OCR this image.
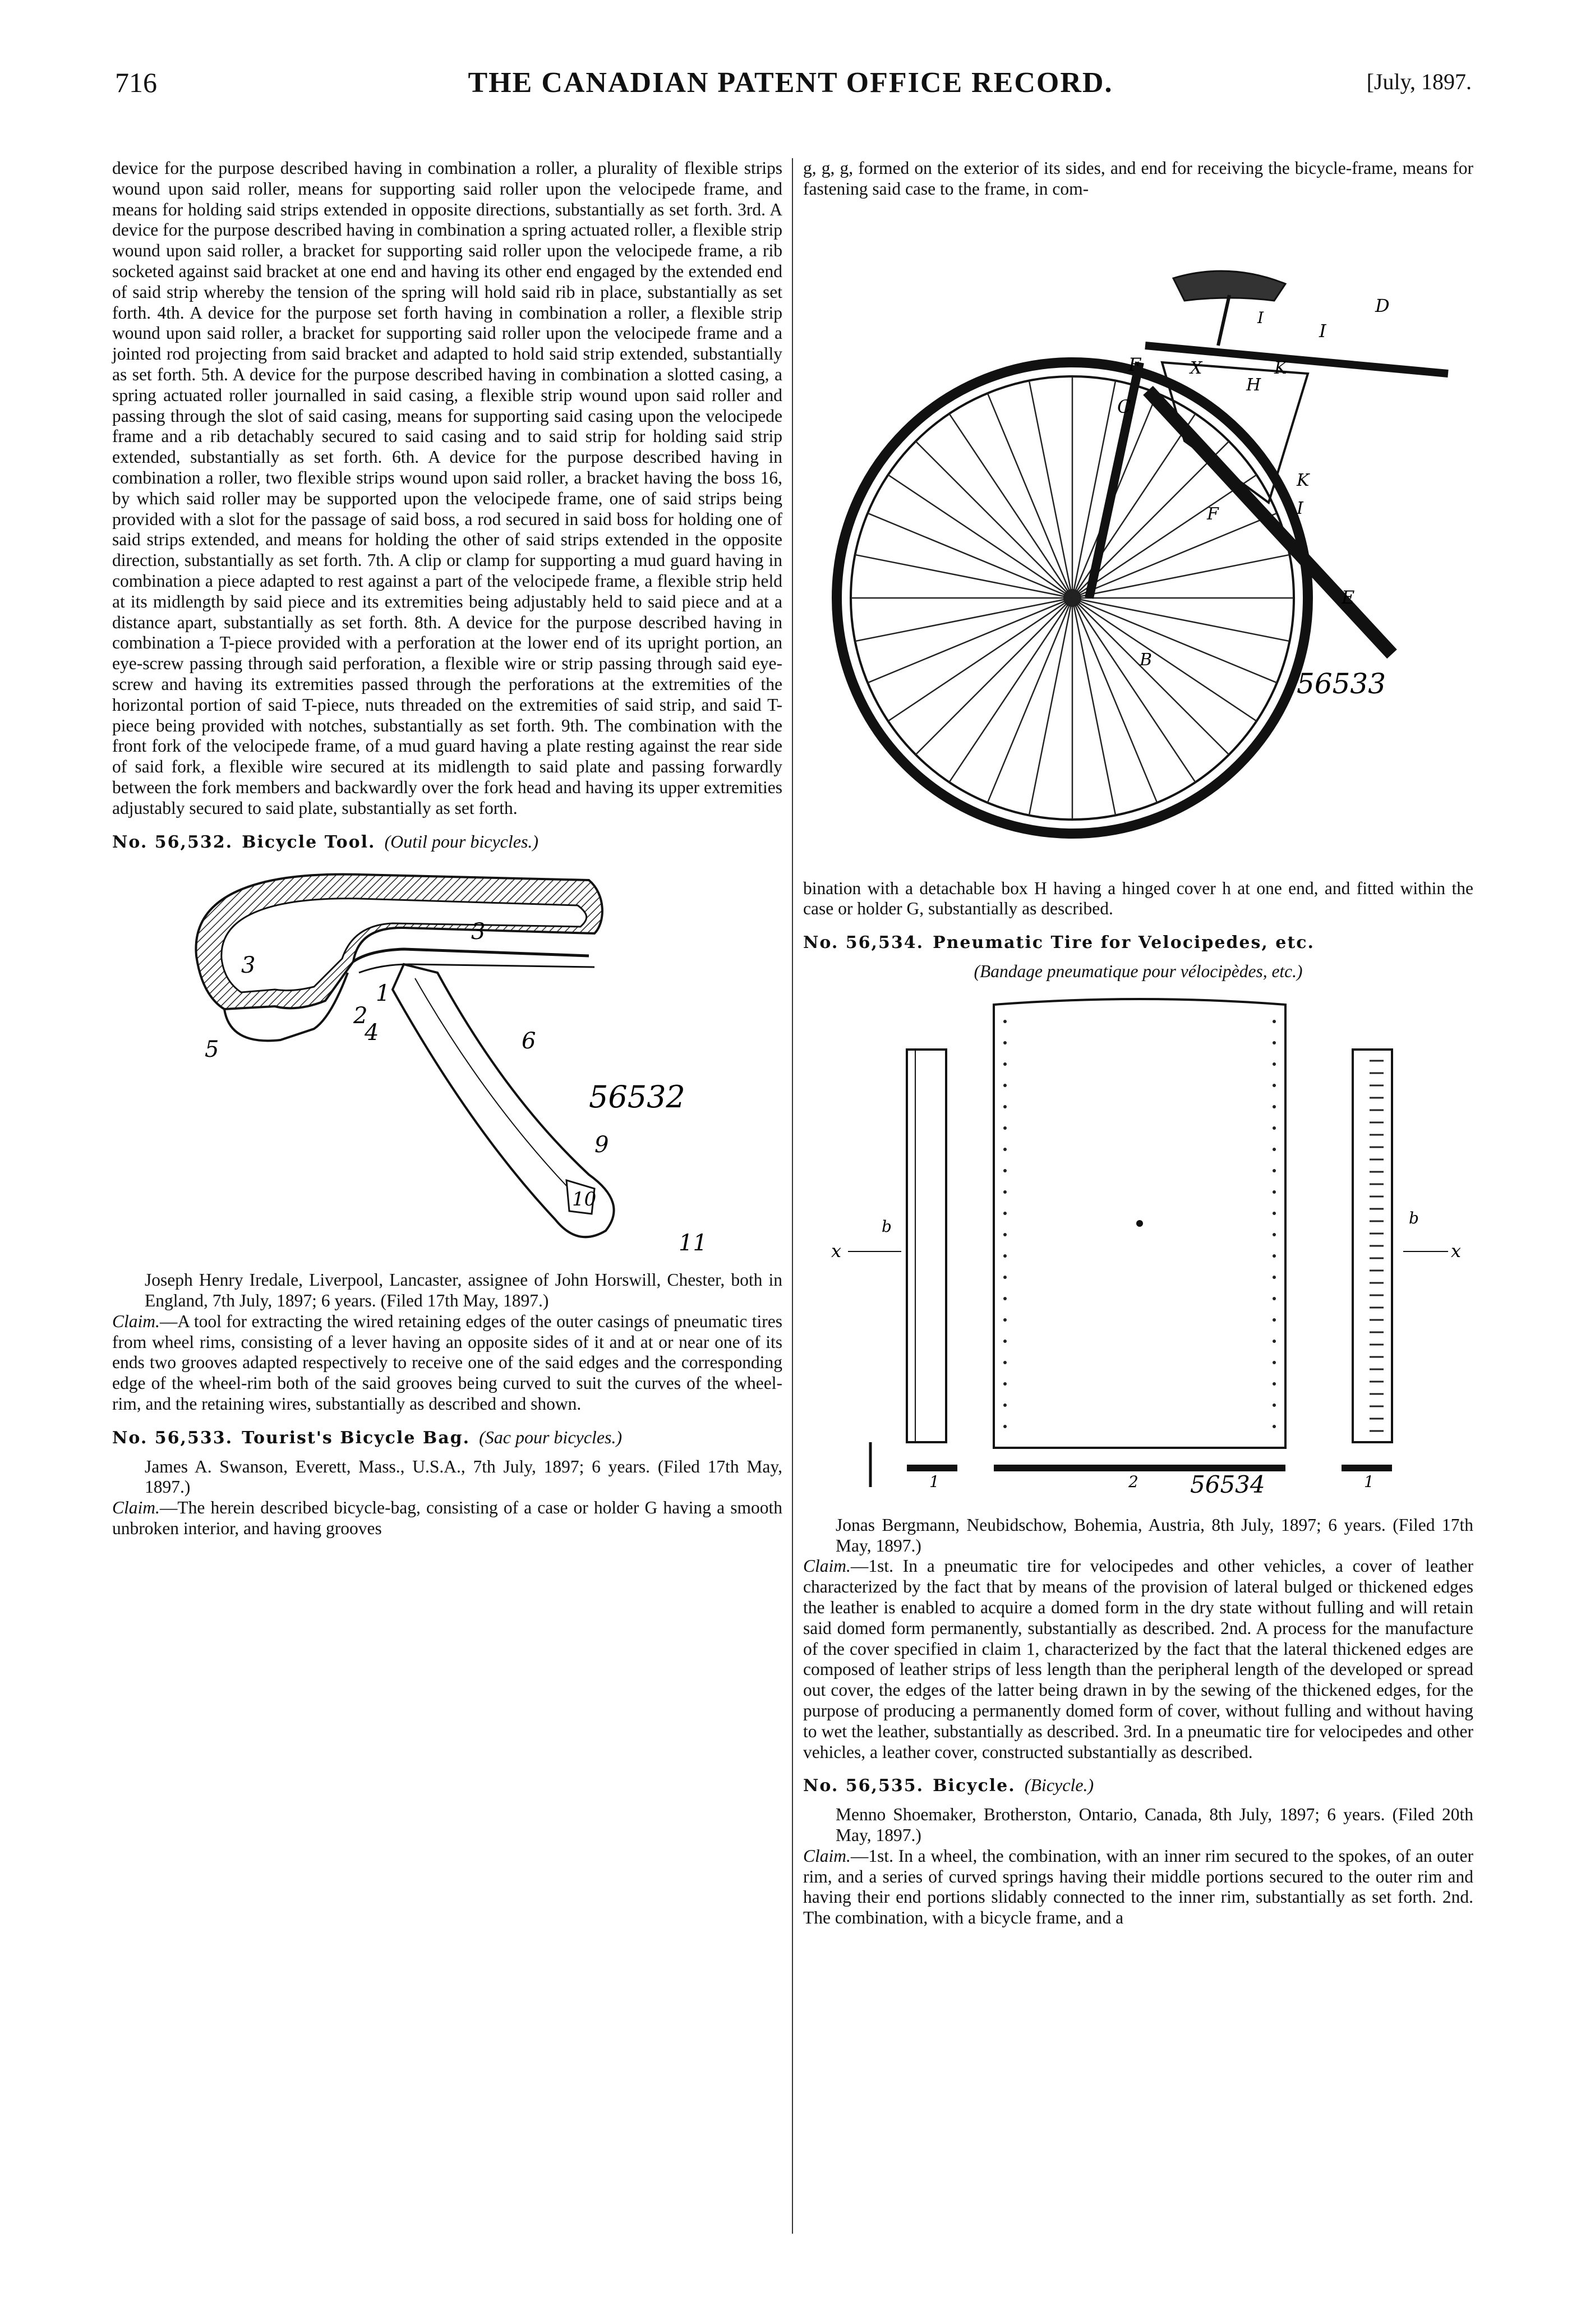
716	THE CANADIAN PATENT OFFICE RECORD.	[July, 1897.

device for the purpose described having in combination a roller, a plurality of flexible strips wound upon said roller, means for supporting said roller upon the velocipede frame, and means for holding said strips extended in opposite directions, substantially as set forth. 3rd. A device for the purpose described having in combination a spring actuated roller, a flexible strip wound upon said roller, a bracket for supporting said roller upon the velocipede frame, a rib socketed against said bracket at one end and having its other end engaged by the extended end of said strip whereby the tension of the spring will hold said rib in place, substantially as set forth. 4th. A device for the purpose set forth having in combination a roller, a flexible strip wound upon said roller, a bracket for supporting said roller upon the velocipede frame and a jointed rod projecting from said bracket and adapted to hold said strip extended, substantially as set forth. 5th. A device for the purpose described having in combination a slotted casing, a spring actuated roller journalled in said casing, a flexible strip wound upon said roller and passing through the slot of said casing, means for supporting said casing upon the velocipede frame and a rib detachably secured to said casing and to said strip for holding said strip extended, substantially as set forth. 6th. A device for the purpose described having in combination a roller, two flexible strips wound upon said roller, a bracket having the boss 16, by which said roller may be supported upon the velocipede frame, one of said strips being provided with a slot for the passage of said boss, a rod secured in said boss for holding one of said strips extended, and means for holding the other of said strips extended in the opposite direction, substantially as set forth. 7th. A clip or clamp for supporting a mud guard having in combination a piece adapted to rest against a part of the velocipede frame, a flexible strip held at its midlength by said piece and its extremities being adjustably held to said piece and at a distance apart, substantially as set forth. 8th. A device for the purpose described having in combination a T-piece provided with a perforation at the lower end of its upright portion, an eye-screw passing through said perforation, a flexible wire or strip passing through said eye-screw and having its extremities passed through the perforations at the extremities of the horizontal portion of said T-piece, nuts threaded on the extremities of said strip, and said T-piece being provided with notches, substantially as set forth. 9th. The combination with the front fork of the velocipede frame, of a mud guard having a plate resting against the rear side of said fork, a flexible wire secured at its midlength to said plate and passing forwardly between the fork members and backwardly over the fork head and having its upper extremities adjustably secured to said plate, substantially as set forth.

No. 56,532. Bicycle Tool. (Outil pour bicycles.)

1
2
3
3
4
5	6
9
10
11
56532

Joseph Henry Iredale, Liverpool, Lancaster, assignee of John Horswill, Chester, both in England, 7th July, 1897; 6 years. (Filed 17th May, 1897.)

Claim.—A tool for extracting the wired retaining edges of the outer casings of pneumatic tires from wheel rims, consisting of a lever having an opposite sides of it and at or near one of its ends two grooves adapted respectively to receive one of the said edges and the corresponding edge of the wheel-rim both of the said grooves being curved to suit the curves of the wheel-rim, and the retaining wires, substantially as described and shown.

No. 56,533. Tourist's Bicycle Bag. (Sac pour bicycles.)

James A. Swanson, Everett, Mass., U.S.A., 7th July, 1897; 6 years. (Filed 17th May, 1897.)

Claim.—The herein described bicycle-bag, consisting of a case or holder G having a smooth unbroken interior, and having grooves

g, g, g, formed on the exterior of its sides, and end for receiving the bicycle-frame, means for fastening said case to the frame, in com-

D
I
F	X	K
H
C
I
K
F
E
B
I
56533

bination with a detachable box H having a hinged cover h at one end, and fitted within the case or holder G, substantially as described.

No. 56,534. Pneumatic Tire for Velocipedes, etc.

(Bandage pneumatique pour vélocipèdes, etc.)

x	x
b	b
1	2	1
56534

Jonas Bergmann, Neubidschow, Bohemia, Austria, 8th July, 1897; 6 years. (Filed 17th May, 1897.)

Claim.—1st. In a pneumatic tire for velocipedes and other vehicles, a cover of leather characterized by the fact that by means of the provision of lateral bulged or thickened edges the leather is enabled to acquire a domed form in the dry state without fulling and will retain said domed form permanently, substantially as described. 2nd. A process for the manufacture of the cover specified in claim 1, characterized by the fact that the lateral thickened edges are composed of leather strips of less length than the peripheral length of the developed or spread out cover, the edges of the latter being drawn in by the sewing of the thickened edges, for the purpose of producing a permanently domed form of cover, without fulling and without having to wet the leather, substantially as described. 3rd. In a pneumatic tire for velocipedes and other vehicles, a leather cover, constructed substantially as described.

No. 56,535. Bicycle. (Bicycle.)

Menno Shoemaker, Brotherston, Ontario, Canada, 8th July, 1897; 6 years. (Filed 20th May, 1897.)

Claim.—1st. In a wheel, the combination, with an inner rim secured to the spokes, of an outer rim, and a series of curved springs having their middle portions secured to the outer rim and having their end portions slidably connected to the inner rim, substantially as set forth. 2nd. The combination, with a bicycle frame, and a
